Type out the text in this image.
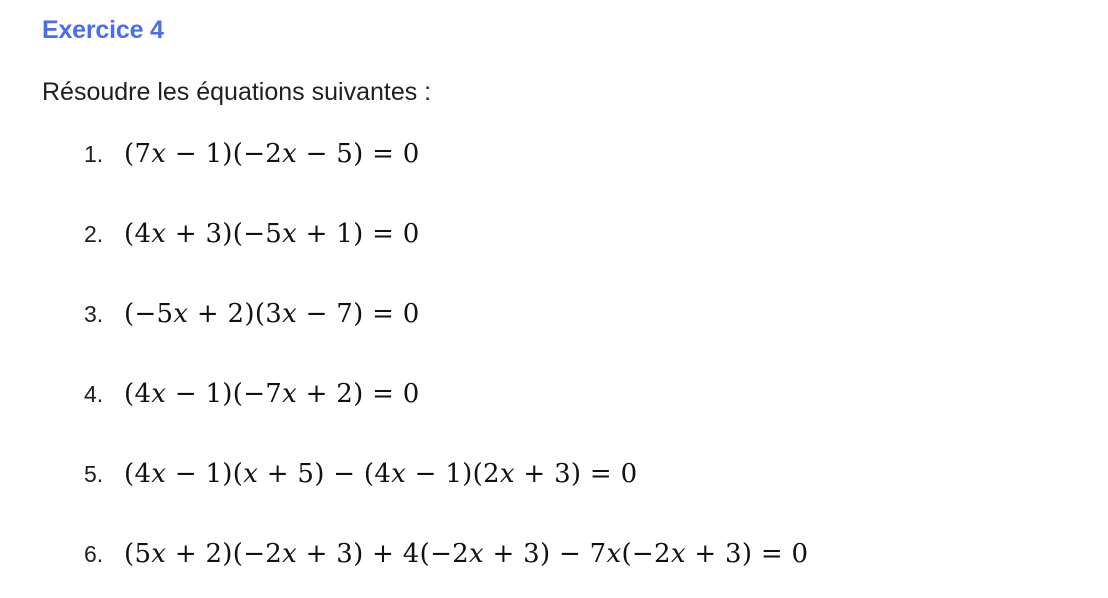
Exercice 4
Résoudre les équations suivantes :
1. (7𝑥 − 1)(−2𝑥 − 5) = 0
2. (4𝑥 + 3)(−5𝑥 + 1) = 0
3. (−5𝑥 + 2)(3𝑥 − 7) = 0
4. (4𝑥 − 1)(−7𝑥 + 2) = 0
5. (4𝑥 − 1)(𝑥 + 5) − (4𝑥 − 1)(2𝑥 + 3) = 0
6. (5𝑥 + 2)(−2𝑥 + 3) + 4(−2𝑥 + 3) − 7𝑥(−2𝑥 + 3) = 0
